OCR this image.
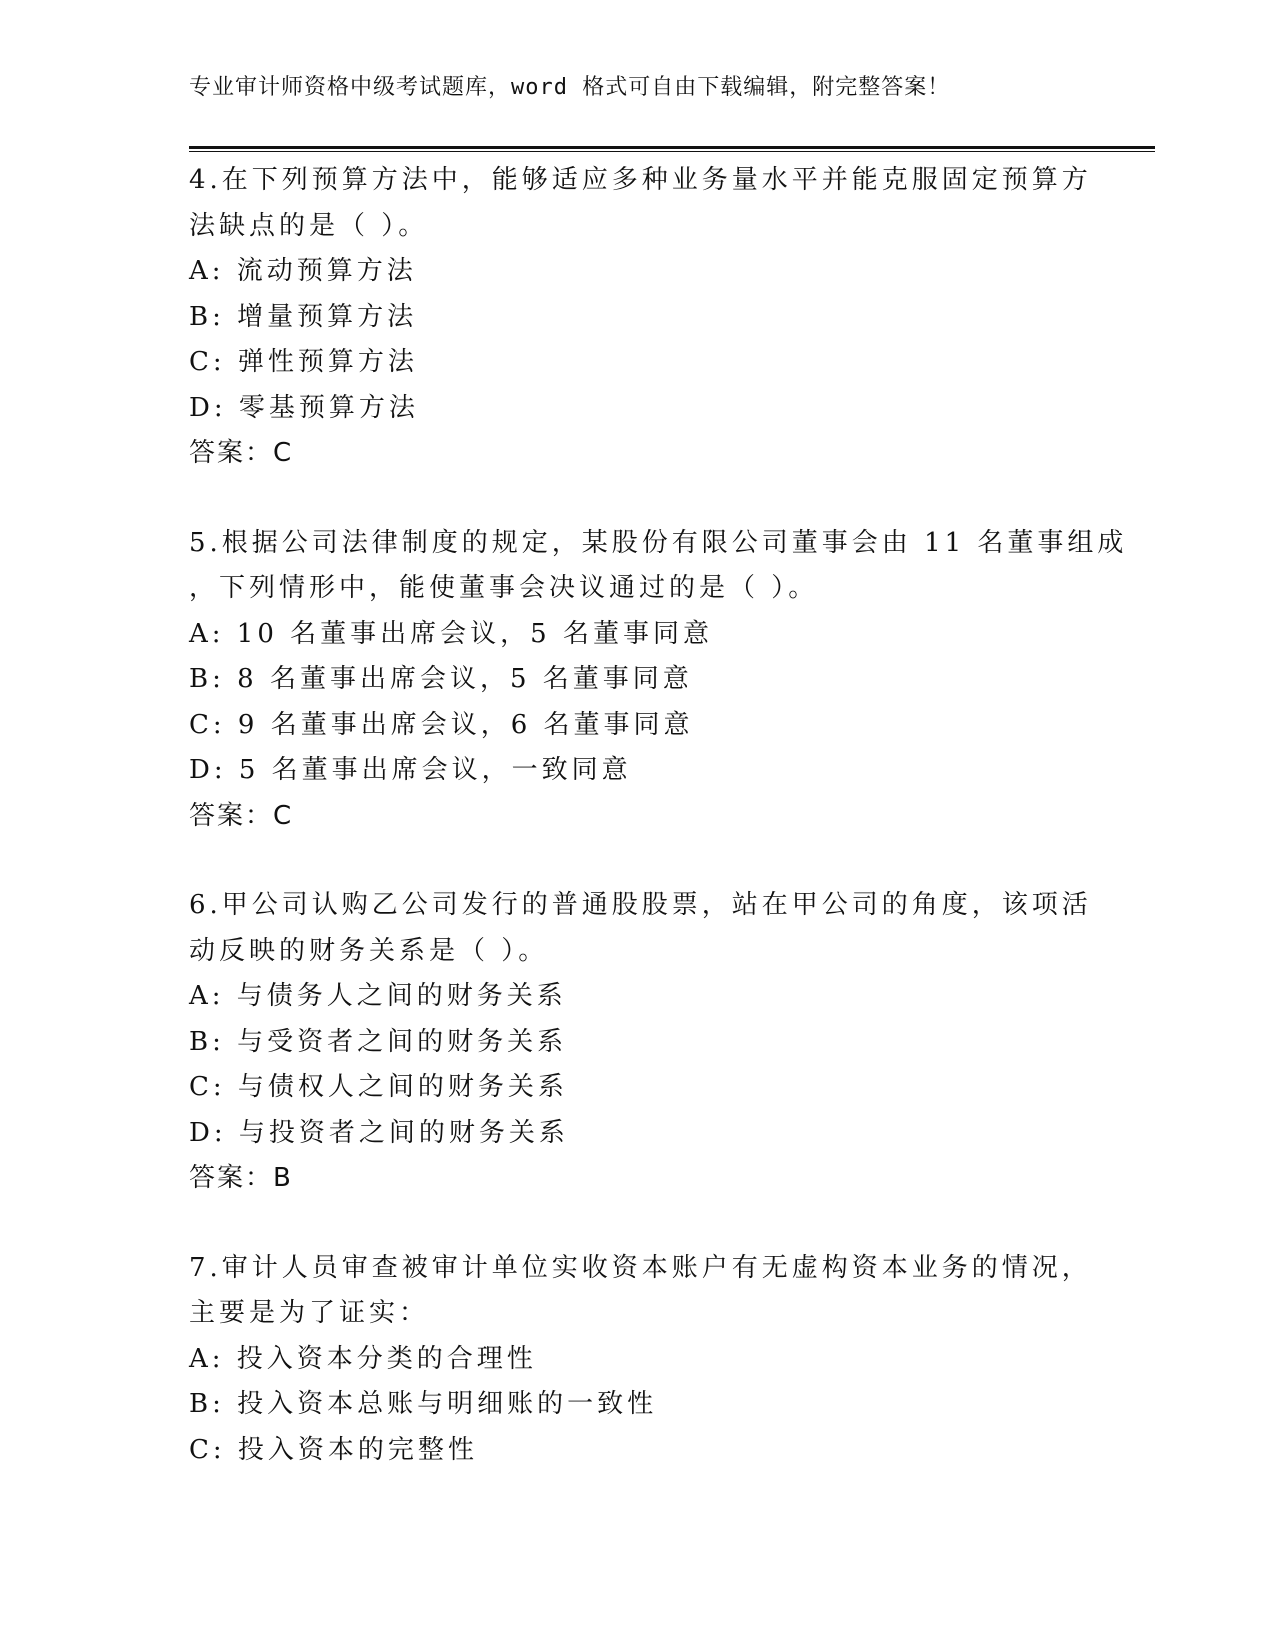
专业审计师资格中级考试题库，word 格式可自由下载编辑，附完整答案！
4.在下列预算方法中，能够适应多种业务量水平并能克服固定预算方
法缺点的是（ ）。
A: 流动预算方法
B: 增量预算方法
C: 弹性预算方法
D: 零基预算方法
答案：C
5.根据公司法律制度的规定，某股份有限公司董事会由 11 名董事组成
，下列情形中，能使董事会决议通过的是（ ）。
A: 10 名董事出席会议，5 名董事同意
B: 8 名董事出席会议，5 名董事同意
C: 9 名董事出席会议，6 名董事同意
D: 5 名董事出席会议，一致同意
答案：C
6.甲公司认购乙公司发行的普通股股票，站在甲公司的角度，该项活
动反映的财务关系是（ ）。
A: 与债务人之间的财务关系
B: 与受资者之间的财务关系
C: 与债权人之间的财务关系
D: 与投资者之间的财务关系
答案：B
7.审计人员审查被审计单位实收资本账户有无虚构资本业务的情况，
主要是为了证实：
A: 投入资本分类的合理性
B: 投入资本总账与明细账的一致性
C: 投入资本的完整性
